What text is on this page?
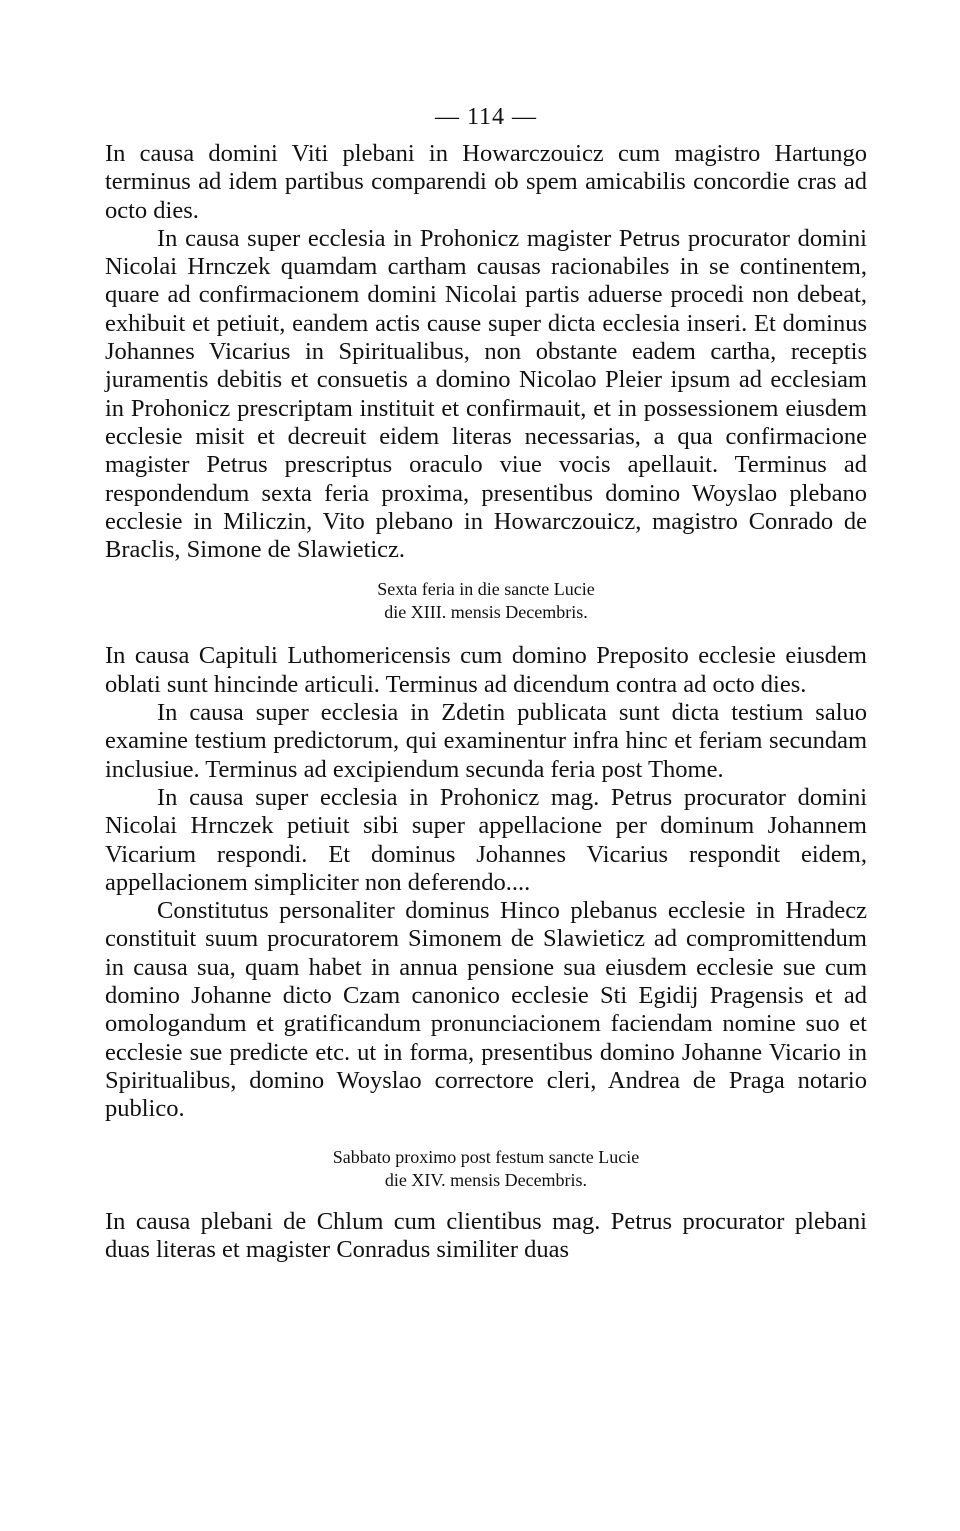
— 114 —

In causa domini Viti plebani in Howarczouicz cum magistro Hartungo terminus ad idem partibus comparendi ob spem amicabilis concordie cras ad octo dies.

In causa super ecclesia in Prohonicz magister Petrus procurator domini Nicolai Hrnczek quamdam cartham causas racionabiles in se continentem, quare ad confirmacionem domini Nicolai partis aduerse procedi non debeat, exhibuit et petiuit, eandem actis cause super dicta ecclesia inseri. Et dominus Johannes Vicarius in Spiritualibus, non obstante eadem cartha, receptis juramentis debitis et consuetis a domino Nicolao Pleier ipsum ad ecclesiam in Prohonicz prescriptam instituit et confirmauit, et in possessionem eiusdem ecclesie misit et decreuit eidem literas necessarias, a qua confirmacione magister Petrus prescriptus oraculo viue vocis apellauit. Terminus ad respondendum sexta feria proxima, presentibus domino Woyslao plebano ecclesie in Miliczin, Vito plebano in Howarczouicz, magistro Conrado de Braclis, Simone de Slawieticz.

Sexta feria in die sancte Lucie
die XIII. mensis Decembris.

In causa Capituli Luthomericensis cum domino Preposito ecclesie eiusdem oblati sunt hincinde articuli. Terminus ad dicendum contra ad octo dies.

In causa super ecclesia in Zdetin publicata sunt dicta testium saluo examine testium predictorum, qui examinentur infra hinc et feriam secundam inclusiue. Terminus ad excipiendum secunda feria post Thome.

In causa super ecclesia in Prohonicz mag. Petrus procurator domini Nicolai Hrnczek petiuit sibi super appellacione per dominum Johannem Vicarium respondi. Et dominus Johannes Vicarius respondit eidem, appellacionem simpliciter non deferendo....

Constitutus personaliter dominus Hinco plebanus ecclesie in Hradecz constituit suum procuratorem Simonem de Slawieticz ad compromittendum in causa sua, quam habet in annua pensione sua eiusdem ecclesie sue cum domino Johanne dicto Czam canonico ecclesie Sti Egidij Pragensis et ad omologandum et gratificandum pronunciacionem faciendam nomine suo et ecclesie sue predicte etc. ut in forma, presentibus domino Johanne Vicario in Spiritualibus, domino Woyslao correctore cleri, Andrea de Praga notario publico.

Sabbato proximo post festum sancte Lucie
die XIV. mensis Decembris.

In causa plebani de Chlum cum clientibus mag. Petrus procurator plebani duas literas et magister Conradus similiter duas
